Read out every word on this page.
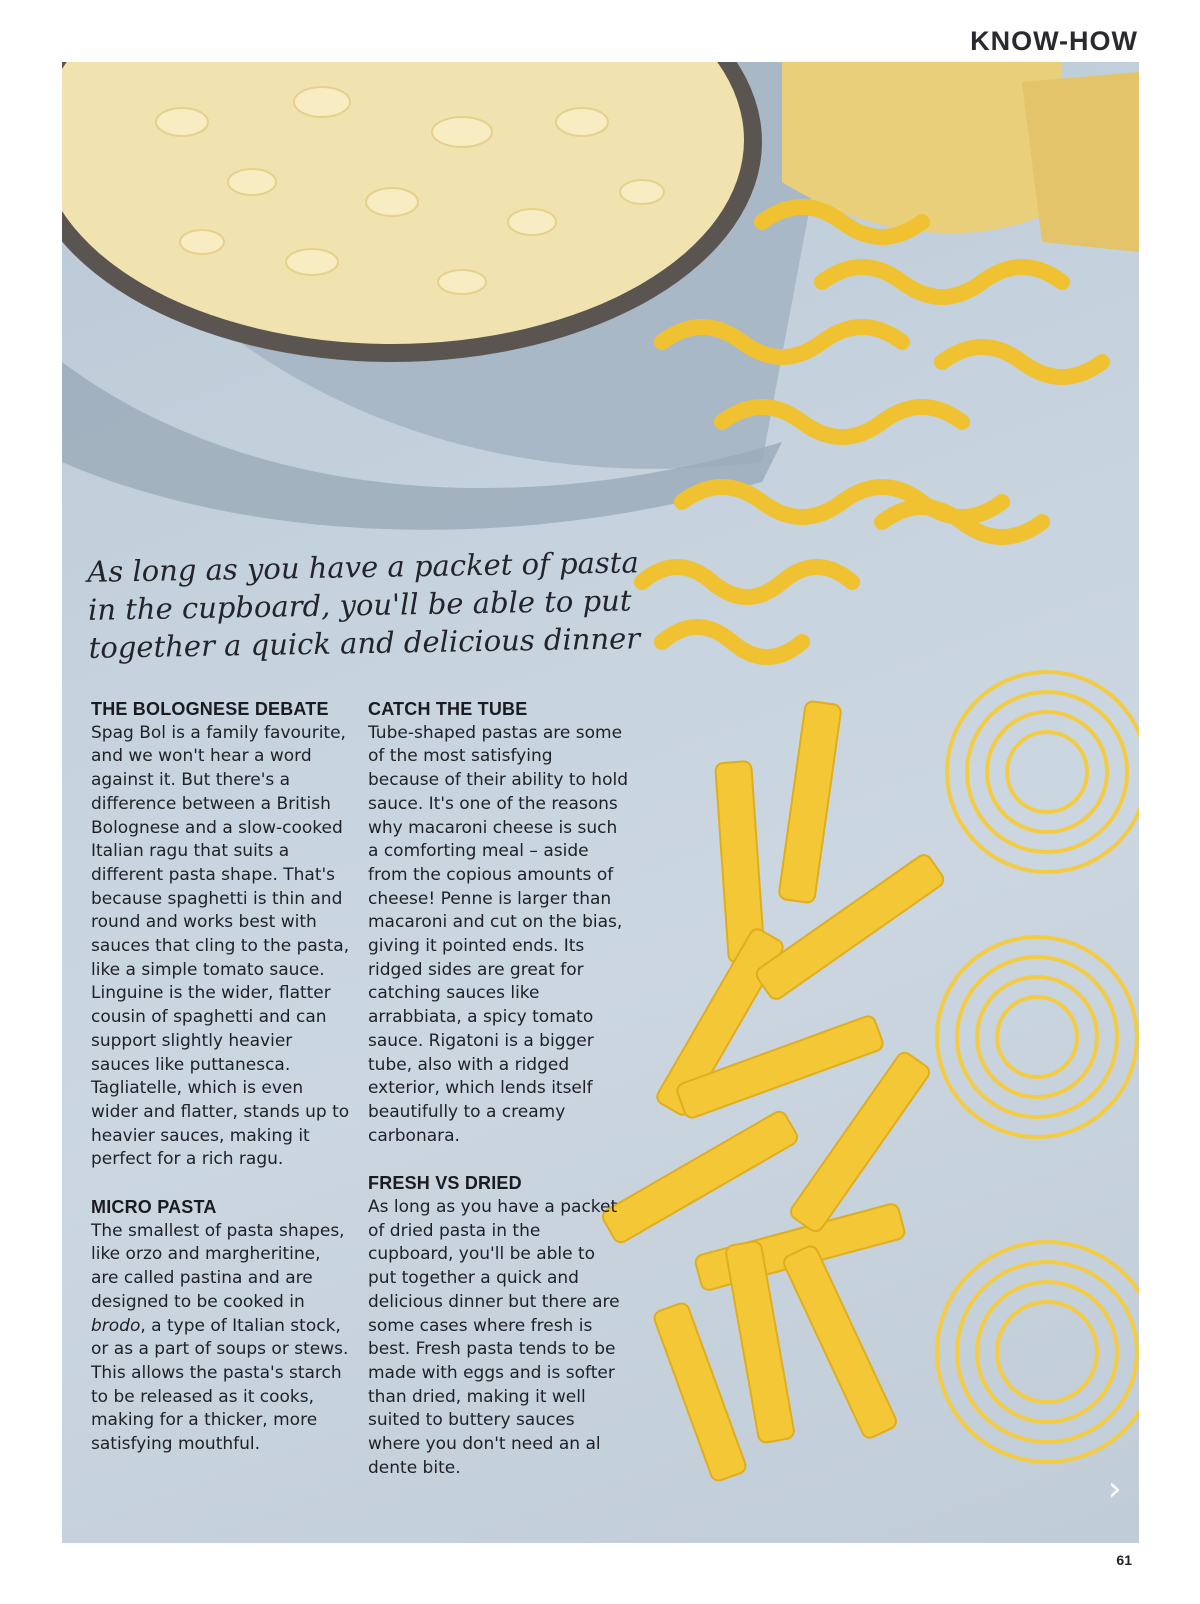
KNOW-HOW
As long as you have a packet of pasta in the cupboard, you'll be able to put together a quick and delicious dinner
THE BOLOGNESE DEBATE

Spag Bol is a family favourite, and we won't hear a word against it. But there's a difference between a British Bolognese and a slow-cooked Italian ragu that suits a different pasta shape. That's because spaghetti is thin and round and works best with sauces that cling to the pasta, like a simple tomato sauce. Linguine is the wider, flatter cousin of spaghetti and can support slightly heavier sauces like puttanesca. Tagliatelle, which is even wider and flatter, stands up to heavier sauces, making it perfect for a rich ragu.

MICRO PASTA

The smallest of pasta shapes, like orzo and margheritine, are called pastina and are designed to be cooked in brodo, a type of Italian stock, or as a part of soups or stews. This allows the pasta's starch to be released as it cooks, making for a thicker, more satisfying mouthful.

CATCH THE TUBE

Tube-shaped pastas are some of the most satisfying because of their ability to hold sauce. It's one of the reasons why macaroni cheese is such a comforting meal – aside from the copious amounts of cheese! Penne is larger than macaroni and cut on the bias, giving it pointed ends. Its ridged sides are great for catching sauces like arrabbiata, a spicy tomato sauce. Rigatoni is a bigger tube, also with a ridged exterior, which lends itself beautifully to a creamy carbonara.

FRESH VS DRIED

As long as you have a packet of dried pasta in the cupboard, you'll be able to put together a quick and delicious dinner but there are some cases where fresh is best. Fresh pasta tends to be made with eggs and is softer than dried, making it well suited to buttery sauces where you don't need an al dente bite.

›
61
